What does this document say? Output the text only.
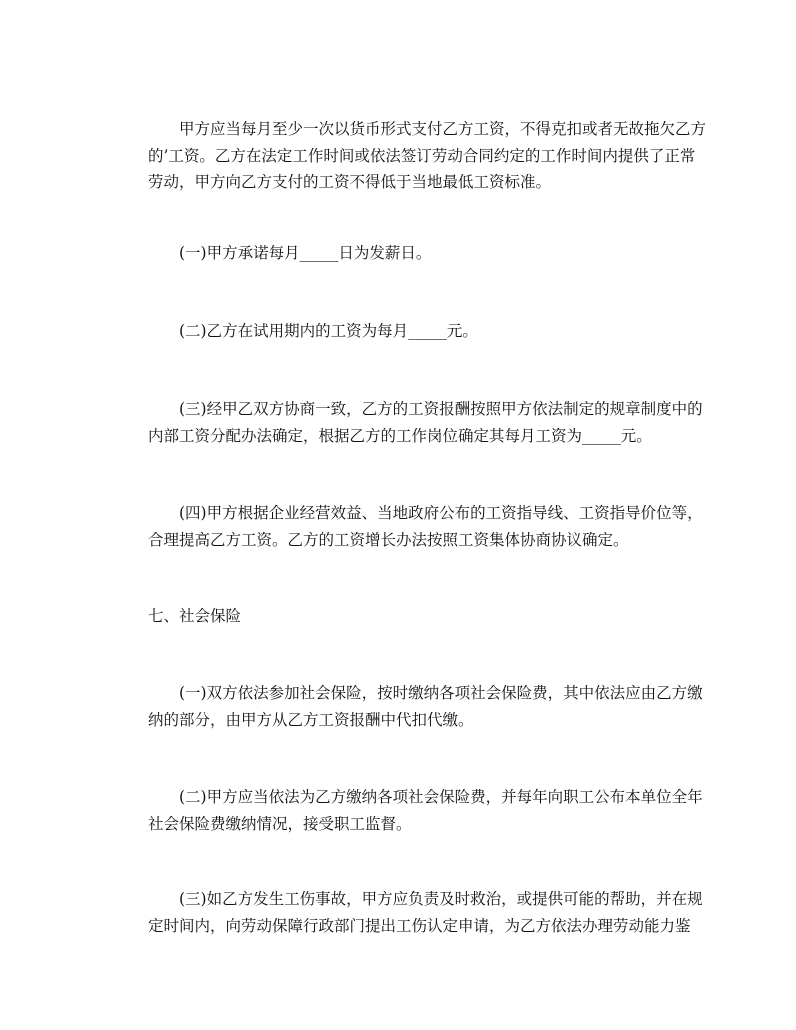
甲方应当每月至少一次以货币形式支付乙方工资，不得克扣或者无故拖欠乙方
的’工资。乙方在法定工作时间或依法签订劳动合同约定的工作时间内提供了正常
劳动，甲方向乙方支付的工资不得低于当地最低工资标准。
(一)甲方承诺每月_____日为发薪日。
(二)乙方在试用期内的工资为每月_____元。
(三)经甲乙双方协商一致，乙方的工资报酬按照甲方依法制定的规章制度中的
内部工资分配办法确定，根据乙方的工作岗位确定其每月工资为_____元。
(四)甲方根据企业经营效益、当地政府公布的工资指导线、工资指导价位等，
合理提高乙方工资。乙方的工资增长办法按照工资集体协商协议确定。
七、社会保险
(一)双方依法参加社会保险，按时缴纳各项社会保险费，其中依法应由乙方缴
纳的部分，由甲方从乙方工资报酬中代扣代缴。
(二)甲方应当依法为乙方缴纳各项社会保险费，并每年向职工公布本单位全年
社会保险费缴纳情况，接受职工监督。
(三)如乙方发生工伤事故，甲方应负责及时救治，或提供可能的帮助，并在规
定时间内，向劳动保障行政部门提出工伤认定申请，为乙方依法办理劳动能力鉴
